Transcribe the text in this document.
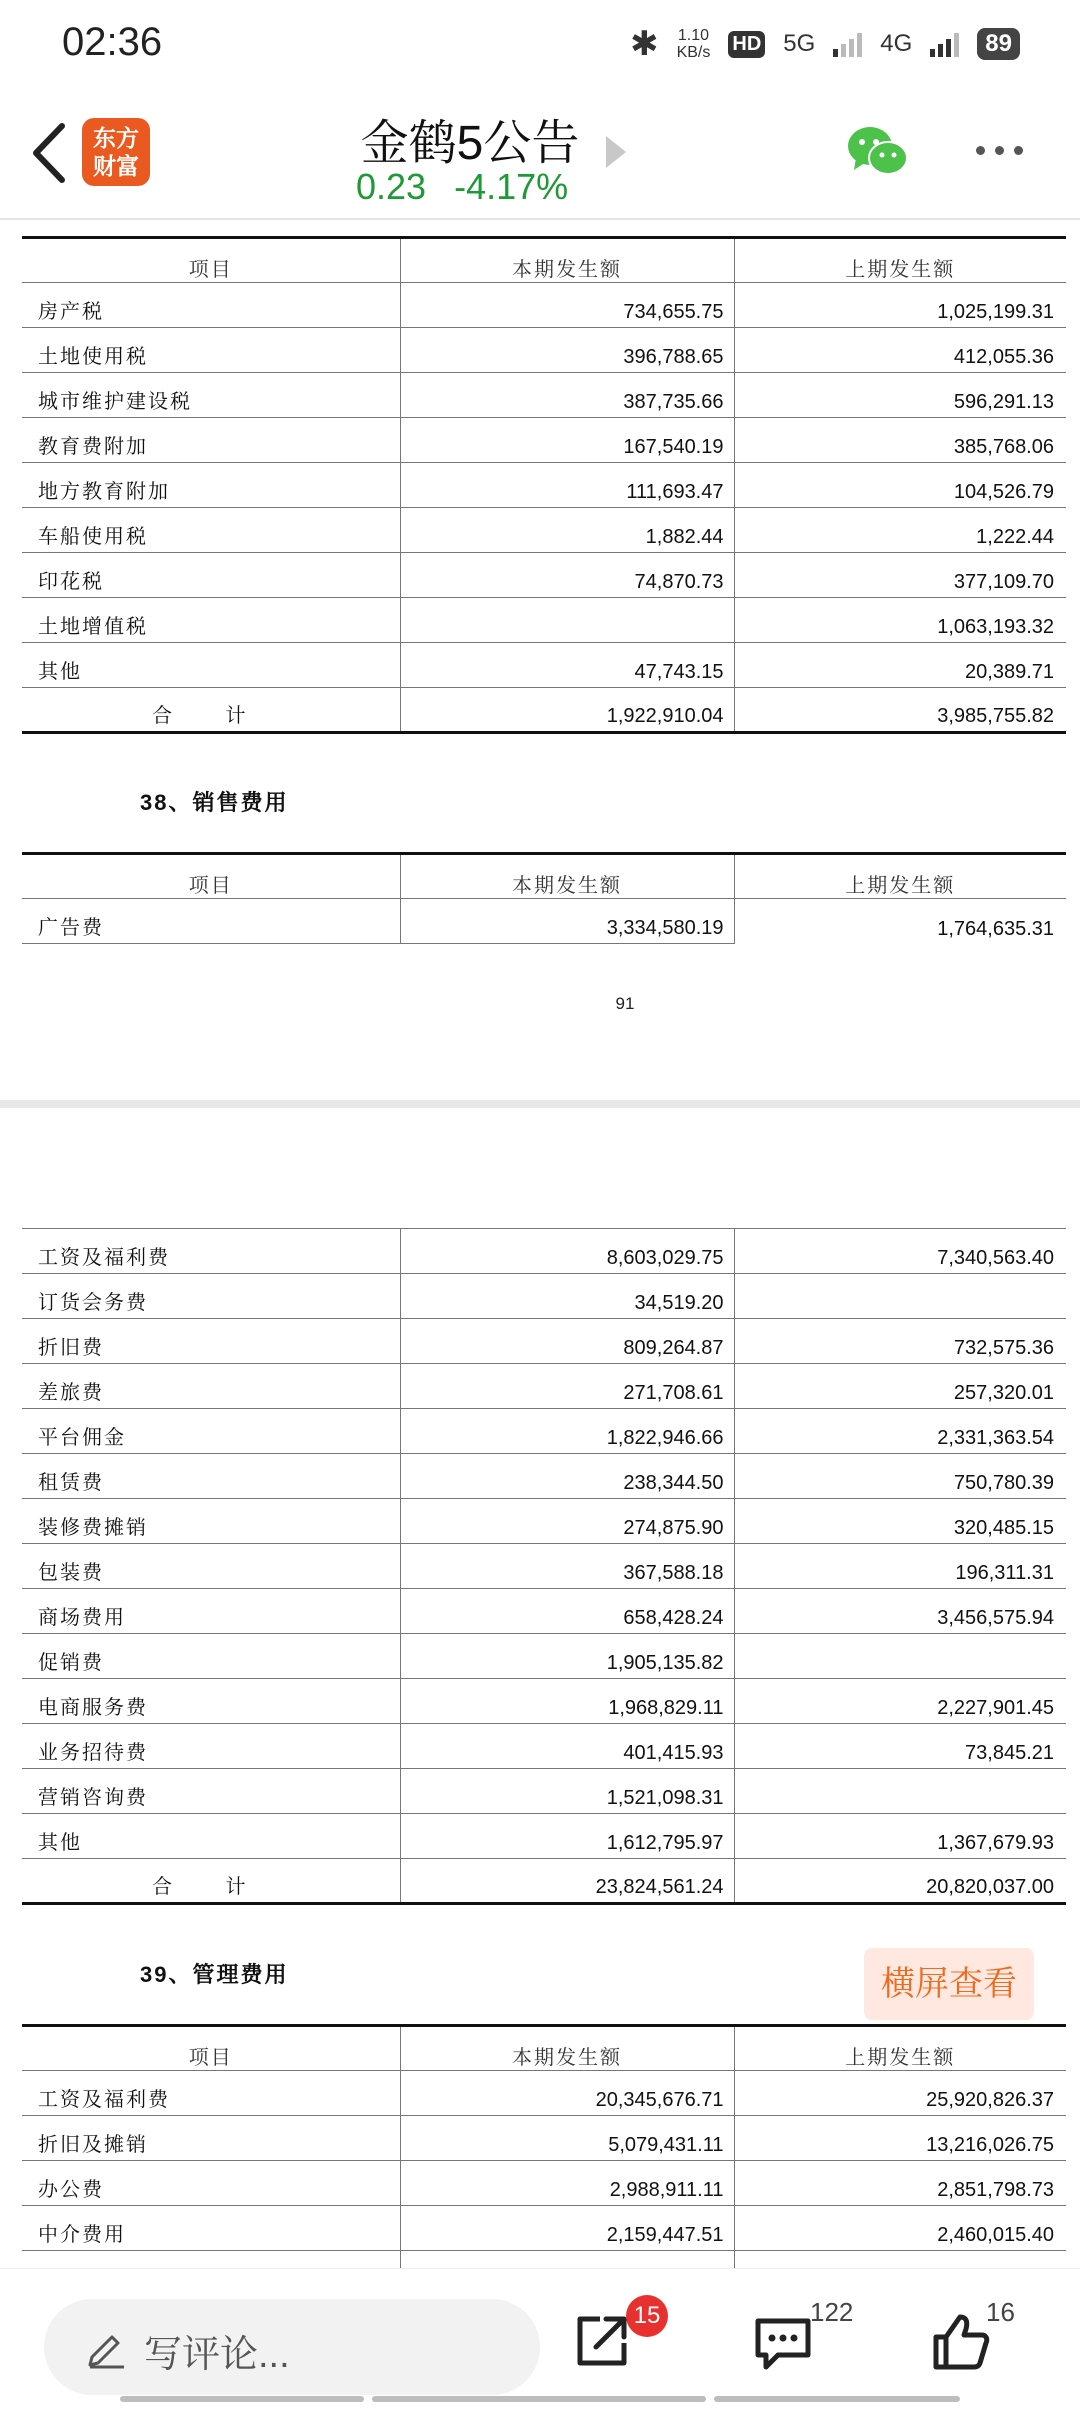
02:36	✱ 1.10
KB/s HD 5G	4G	89
东方
财富	金鹤5公告
0.23 -4.17%
项目	本期发生额	上期发生额
房产税	734,655.75	1,025,199.31
土地使用税	396,788.65	412,055.36
城市维护建设税	387,735.66	596,291.13
教育费附加	167,540.19	385,768.06
地方教育附加	111,693.47	104,526.79
车船使用税	1,882.44	1,222.44
印花税	74,870.73	377,109.70
土地增值税		1,063,193.32
其他	47,743.15	20,389.71
合 计	1,922,910.04	3,985,755.82
38、销售费用
项目	本期发生额	上期发生额
广告费	3,334,580.19	1,764,635.31
91
工资及福利费	8,603,029.75	7,340,563.40
订货会务费	34,519.20	
折旧费	809,264.87	732,575.36
差旅费	271,708.61	257,320.01
平台佣金	1,822,946.66	2,331,363.54
租赁费	238,344.50	750,780.39
装修费摊销	274,875.90	320,485.15
包装费	367,588.18	196,311.31
商场费用	658,428.24	3,456,575.94
促销费	1,905,135.82	
电商服务费	1,968,829.11	2,227,901.45
业务招待费	401,415.93	73,845.21
营销咨询费	1,521,098.31	
其他	1,612,795.97	1,367,679.93
合 计	23,824,561.24	20,820,037.00
39、管理费用
项目	本期发生额	上期发生额
工资及福利费	20,345,676.71	25,920,826.37
折旧及摊销	5,079,431.11	13,216,026.75
办公费	2,988,911.11	2,851,798.73
中介费用	2,159,447.51	2,460,015.40

横屏查看
写评论...
15	122	16
